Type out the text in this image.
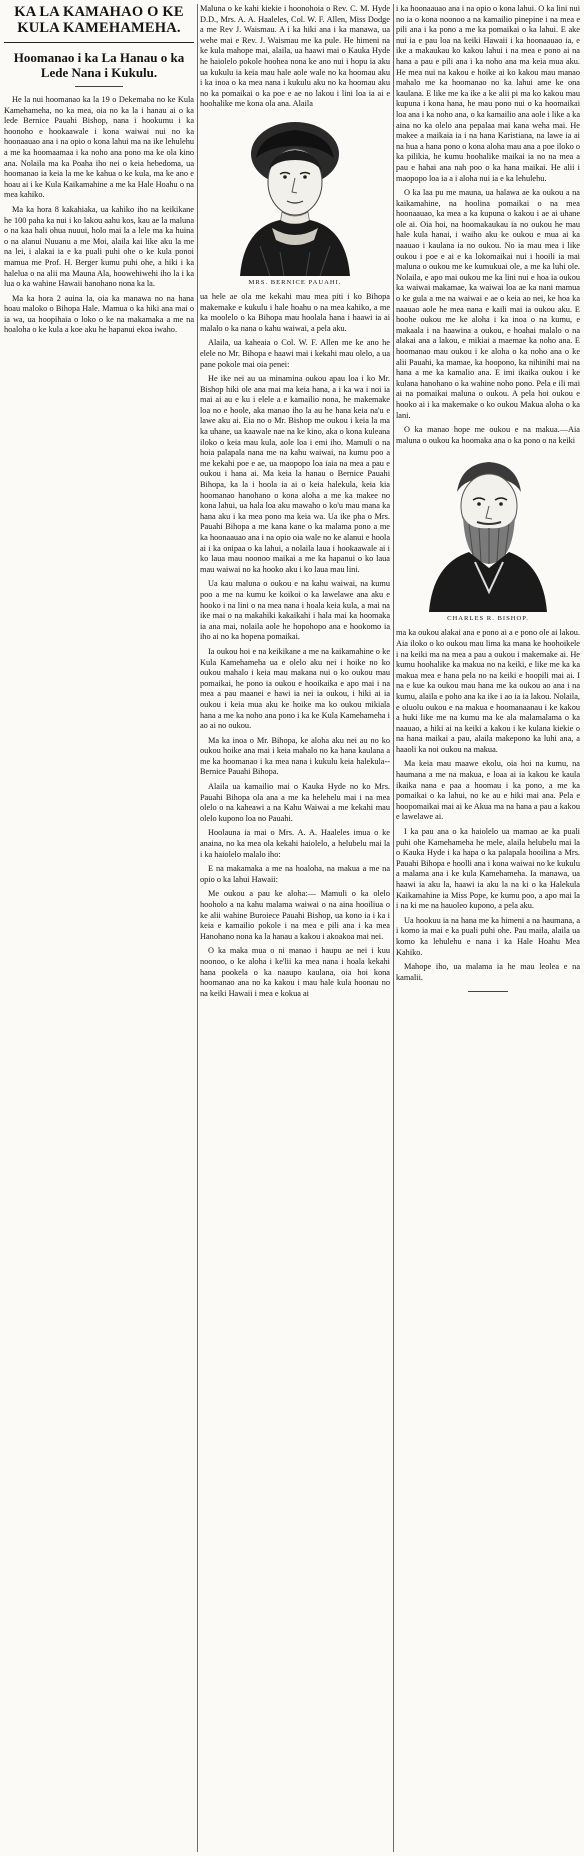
KA LA KAMAHAO O KE KULA KAMEHAMEHA.
Hoomanao i ka La Hanau o ka Lede Nana i Kukulu.

He la nui hoomanao ka la 19 o Dekemaba no ke Kula Kamehameha, no ka mea, oia no ka la i hanau ai o ka lede Bernice Pauahi Bishop, nana i hookumu i ka hoonoho e hookaawale i kona waiwai nui no ka hoonaauao ana i na opio o kona lahui ma na ike lehulehu a me ka hoomaamaa i ka noho ana pono ma ke ola kino ana. Nolaila ma ka Poaha iho nei o keia hebedoma, ua hoomanao ia keia la me ke kahua o ke kula, ma ke ano e hoau ai i ke Kula Kaikamahine a me ka Hale Hoahu o na mea kahiko.

Ma ka hora 8 kakahiaka, ua kahiko iho na keikikane he 100 paha ka nui i ko lakou aahu kos, kau ae la maluna o na kaa hali ohua nuuui, holo mai la a lele ma ka huina o na alanui Nuuanu a me Moi, alaila kai like aku la me na lei, i alakai ia e ka puali puhi ohe o ke kula ponoi mamua me Prof. H. Berger kumu puhi ohe, a hiki i ka halelua o na alii ma Mauna Ala, hoowehiwehi iho la i ka lua o ka wahine Hawaii hanohano nona ka la.

Ma ka hora 2 auina la, oia ka manawa no na hana hoau maloko o Bihopa Hale. Mamua o ka hiki ana mai o ia wa, ua hoopihaia o loko o ke na makamaka a me na hoaloha o ke kula a koe aku he hapanui ekoa iwaho.

Maluna o ke kahi kiekie i hoonohoia o Rev. C. M. Hyde D.D., Mrs. A. A. Haaleles, Col. W. F. Allen, Miss Dodge a me Rev J. Waismau. A i ka hiki ana i ka manawa, ua wehe mai e Rev. J. Waismau me ka pule. He himeni na ke kula mahope mai, alaila, ua haawi mai o Kauka Hyde he haiolelo pokole hoohea nona ke ano nui i hopu ia aku ua kukulu ia keia mau hale aole wale no ka hoomau aku i ka inoa o ka mea nana i kukulu aku no ka hoomau aku no ka pomaikai o ka poe e ae no lakou i lini loa ia ai e hoohalike me kona ola ana. Alaila

MRS. BERNICE PAUAHI.

ua hele ae ola me kekahi mau mea piti i ko Bihopa makemake e kukulu i hale hoahu o na mea kahiko, a me ka moolelo o ka Bihopa mau hoolala hana i haawi ia ai malalo o ka nana o kahu waiwai, a pela aku.

Alaila, ua kaheaia o Col. W. F. Allen me ke ano he elele no Mr. Bihopa e haawi mai i kekahi mau olelo, a ua pane pokole mai oia penei:

He ike nei au ua minamina oukou apau loa i ko Mr. Bishop hiki ole ana mai ma keia hana, a i ka wa i noi ia mai ai au e ku i elele a e kamailio nona, he makemake loa no e hoole, aka manao iho la au he hana keia na'u e lawe aku ai. Eia no o Mr. Bishop me oukou i keia la ma ka uhane, ua kaawale nae na ke kino, aka o kona kuleana iloko o keia mau kula, aole loa i emi iho. Mamuli o na hoia palapala nana me na kahu waiwai, na kumu poo a me kekahi poe e ae, ua maopopo loa iaia na mea a pau e oukou i hana ai. Ma keia la hanau o Bernice Pauahi Bihopa, ka la i hoola ia ai o keia halekula, keia kia hoomanao hanohano o kona aloha a me ka makee no kona lahui, ua hala loa aku mawaho o ko'u mau mana ka hana aku i ka mea pono ma keia wa. Ua ike pha o Mrs. Pauahi Bihopa a me kana kane o ka malama pono a me ka hoonaauao ana i na opio oia wale no ke alanui e hoola ai i ka onipaa o ka lahui, a nolaila laua i hookaawale ai i ko laua mau noonoo maikai a me ka hapanui o ko laua mau waiwai no ka hooko aku i ko laua mau lini.

Ua kau maluna o oukou e na kahu waiwai, na kumu poo a me na kumu ke koikoi o ka lawelawe ana aku e hooko i na lini o na mea nana i hoala keia kula, a mai na ike mai o na makahiki kakaikahi i hala mai ka hoomaka ia ana mai, nolaila aole he hopohopo ana e hookomo ia iho ai no ka hopena pomaikai.

Ia oukou hoi e na keikikane a me na kaikamahine o ke Kula Kamehameha ua e olelo aku nei i hoike no ko oukou mahalo i keia mau makana nui o ko oukou mau pomaikai, he pono ia oukou e hooikaika e apo mai i na mea a pau maanei e hawi ia nei ia oukou, i hiki ai ia oukou i keia mua aku ke hoike ma ko oukou mikiala hana a me ka noho ana pono i ka ke Kula Kamehameha i ao ai no oukou.

Ma ka inoa o Mr. Bihopa, ke aloha aku nei au no ko oukou hoike ana mai i keia mahalo no ka hana kaulana a me ka hoomanao i ka mea nana i kukulu keia halekula--Bernice Pauahi Bihopa.

Alaila ua kamailio mai o Kauka Hyde no ko Mrs. Pauahi Bihopa ola ana a me ka helehelu mai i na mea olelo o na kaheawi a na Kahu Waiwai a me kekahi mau olelo kupono loa no Pauahi.

Hoolauna ia mai o Mrs. A. A. Haaleles imua o ke anaina, no ka mea ola kekahi haiolelo, a helubelu mai la i ka haiolelo malalo iho:

E na makamaka a me na hoaloha, na makua a me na opio o ka lahui Hawaii:

Me oukou a pau ke aloha:— Mamuli o ka olelo hooholo a na kahu malama waiwai o na aina hooiliua o ke alii wahine Buroiece Pauahi Bishop, ua kono ia i ka i keia e kamailio pokole i na mea e pili ana i ka mea Hanohano nona ka la hanau a kakou i akoakoa mai nei.

O ka maka mua o ni manao i haupu ae nei i kuu noonoo, o ke aloha i ke'lii ka mea nana i hoala kekahi hana pookela o ka naaupo kaulana, oia hoi kona hoomanao ana no ka kakou i mau hale kula hoonau no na keiki Hawaii i mea e kokua ai

i ka hoonaauao ana i na opio o kona lahui. O ka lini nui no ia o kona noonoo a na kamailio pinepine i na mea e pili ana i ka pono a me ka pomaikai o ka lahui. E ake nui ia e pau loa na keiki Hawaii i ka hoonaauao ia, e ike a makaukau ko kakou lahui i na mea e pono ai na hana a pau e pili ana i ka noho ana ma keia mua aku. He mea nui na kakou e hoike ai ko kakou mau manao mahalo me ka hoomanao no ka lahui ame ke ona kaulana. E like me ka ike a ke alii pi ma ko kakou mau kupuna i kona hana, he mau pono nui o ka hoomaikai loa ana i ka noho ana, o ka kamailio ana aole i like a ka aina no ka olelo ana pepalaa mai kana weha mai. He makee a maikaia ia i na hana Karistiana, na lawe ia ai na hua a hana pono o kona aloha mau ana a poe iloko o ka pilikia, he kumu hoohalike maikai ia no na mea a pau e hahai ana nah poo o ka hana maikai. He alii i maopopo loa ia a i aloha nui ia e ka lehulehu.

O ka laa pu me mauna, ua halawa ae ka oukou a na kaikamahine, na hoolina pomaikai o na mea hoonaauao, ka mea a ka kupuna o kakou i ae ai uhane ole ai. Oia hoi, na hoomakaukau ia no oukou he mau hale kula hanai, i waiho aku ke oukou e mua ai ka naauao i kaulana ia no oukou. No ia mau mea i like oukou i poe e ai e ka lokomaikai nui i hooili ia mai maluna o oukou me ke kumukuai ole, a me ka luhi ole. Nolaila, e apo mai oukou me ka lini nui e hoa ia oukou ka waiwai makamae, ka waiwai loa ae ka nani mamua o ke gula a me na waiwai e ae o keia ao nei, ke hoa ka naauao aole he mea nana e kaili mai ia oukou aku. E hoohe oukou me ke aloha i ka inoa o na kumu, e makaala i na haawina a oukou, e hoahai malalo o na alakai ana a lakou, e mikiai a maemae ka noho ana. E hoomanao mau oukou i ke aloha o ka noho ana o ke alii Pauahi, ka mamae, ka hoopono, ka nihinihi mai na hana a me ka kamalio ana. E imi ikaika oukou i ke kulana hanohano o ka wahine noho pono. Pela e ili mai ai na pomaikai maluna o oukou. A pela hoi oukou e hooko ai i ka makemake o ko oukou Makua aloha o ka lani.

O ka manao hope me oukou e na makua.—Aia maluna o oukou ka hoomaka ana o ka pono o na keiki

CHARLES R. BISHOP.

ma ka oukou alakai ana e pono ai a e pono ole ai lakou. Aia iloko o ko oukou mau lima ka mana ke hoohoikele i na keiki ma na mea a pau a oukou i makemake ai. He kumu hoohalike ka makua no na keiki, e like me ka ka makua mea e hana pela no na keiki e hoopili mai ai. I na e kue ka oukou mau hana me ka oukou ao ana i na kumu, alaila e poho ana ka ike i ao ia ia lakou. Nolaila, e oluolu oukou e na makua e hoomanaanau i ke kakou a huki like me na kumu ma ke ala malamalama o ka naauao, a hiki ai na keiki a kakou i ke kulana kiekie o na hana maikai a pau, alaila makepono ka luhi ana, a haaoli ka noi oukou na makua.

Ma keia mau maawe ekolu, oia hoi na kumu, na haumana a me na makua, e loaa ai ia kakou ke kaula ikaika nana e paa a hoomau i ka pono, a me ka pomaikai o ka lahui, no ke au e hiki mai ana. Pela e hoopomaikai mai ai ke Akua ma na hana a pau a kakou e lawelawe ai.

I ka pau ana o ka haiolelo ua mamao ae ka puali puhi ohe Kamehameha he mele, alaila helubelu mai la o Kauka Hyde i ka hapa o ka palapala hooilina a Mrs. Pauahi Bihopa e hoolli ana i kona waiwai no ke kukulu a malama ana i ke kula Kamehameha. Ia manawa, ua haawi ia aku la, haawi ia aku la na ki o ka Halekula Kaikamahine ia Miss Pope, ke kumu poo, a apo mai la i na ki me na hauoleo kupono, a pela aku.

Ua hookuu ia na hana me ka himeni a na haumana, a i komo ia mai e ka puali puhi ohe. Pau maila, alaila ua komo ka lehulehu e nana i ka Hale Hoahu Mea Kahiko.

Mahope iho, ua malama ia he mau leolea e na kamalii.
